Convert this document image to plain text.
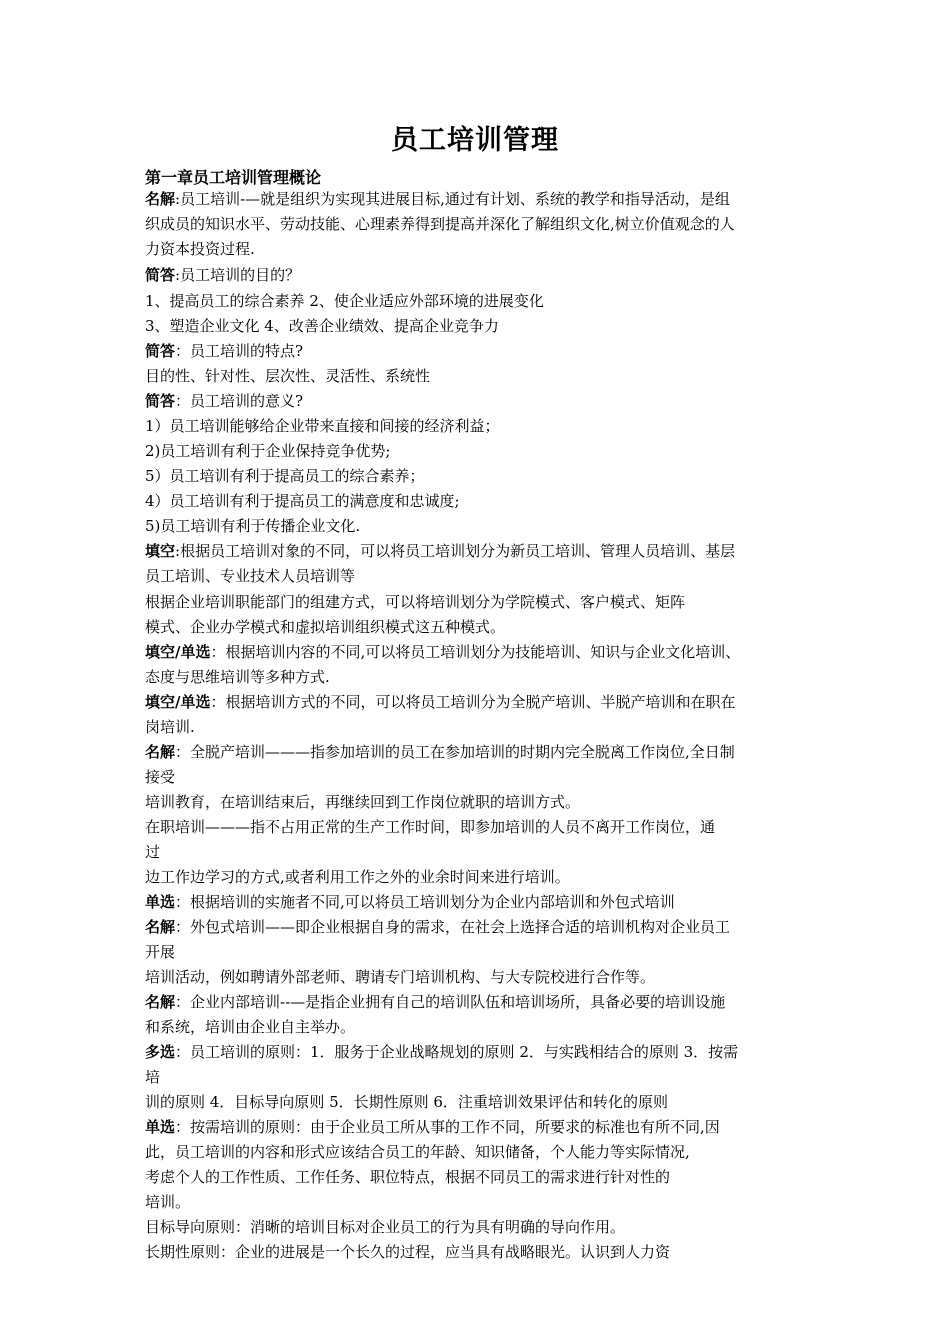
员工培训管理
第一章员工培训管理概论
名解:员工培训-—就是组织为实现其进展目标,通过有计划、系统的教学和指导活动，是组
织成员的知识水平、劳动技能、心理素养得到提高并深化了解组织文化,树立价值观念的人
力资本投资过程.
简答:员工培训的目的？
1、提高员工的综合素养 2、使企业适应外部环境的进展变化
3、塑造企业文化 4、改善企业绩效、提高企业竞争力
简答：员工培训的特点?
目的性、针对性、层次性、灵活性、系统性
简答：员工培训的意义?
1）员工培训能够给企业带来直接和间接的经济利益；
2)员工培训有利于企业保持竞争优势;
5）员工培训有利于提高员工的综合素养；
4）员工培训有利于提高员工的满意度和忠诚度;
5)员工培训有利于传播企业文化.
填空:根据员工培训对象的不同，可以将员工培训划分为新员工培训、管理人员培训、基层
员工培训、专业技术人员培训等
根据企业培训职能部门的组建方式，可以将培训划分为学院模式、客户模式、矩阵
模式、企业办学模式和虚拟培训组织模式这五种模式。
填空/单选：根据培训内容的不同,可以将员工培训划分为技能培训、知识与企业文化培训、
态度与思维培训等多种方式.
填空/单选：根据培训方式的不同，可以将员工培训分为全脱产培训、半脱产培训和在职在
岗培训.
名解：全脱产培训———指参加培训的员工在参加培训的时期内完全脱离工作岗位,全日制
接受
培训教育，在培训结束后，再继续回到工作岗位就职的培训方式。
在职培训———指不占用正常的生产工作时间，即参加培训的人员不离开工作岗位，通
过
边工作边学习的方式,或者利用工作之外的业余时间来进行培训。
单选：根据培训的实施者不同,可以将员工培训划分为企业内部培训和外包式培训
名解：外包式培训——即企业根据自身的需求，在社会上选择合适的培训机构对企业员工
开展
培训活动，例如聘请外部老师、聘请专门培训机构、与大专院校进行合作等。
名解：企业内部培训--—是指企业拥有自己的培训队伍和培训场所，具备必要的培训设施
和系统，培训由企业自主举办。
多选：员工培训的原则：1．服务于企业战略规划的原则 2．与实践相结合的原则 3．按需
培
训的原则 4．目标导向原则 5．长期性原则 6．注重培训效果评估和转化的原则
单选：按需培训的原则：由于企业员工所从事的工作不同，所要求的标准也有所不同,因
此，员工培训的内容和形式应该结合员工的年龄、知识储备，个人能力等实际情况,
考虑个人的工作性质、工作任务、职位特点，根据不同员工的需求进行针对性的
培训。
目标导向原则：消晰的培训目标对企业员工的行为具有明确的导向作用。
长期性原则：企业的进展是一个长久的过程，应当具有战略眼光。认识到人力资
